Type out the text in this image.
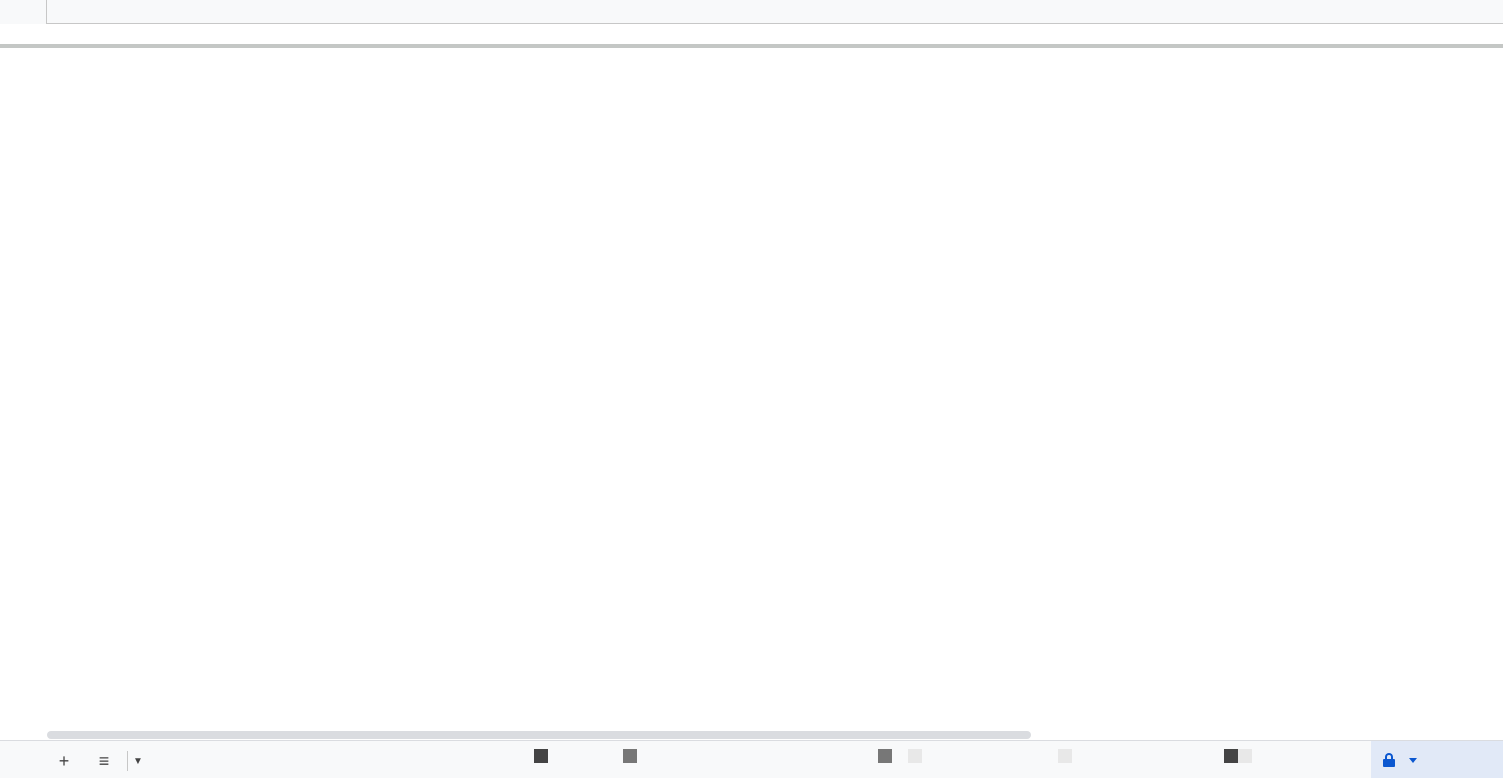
+	≡	▼
